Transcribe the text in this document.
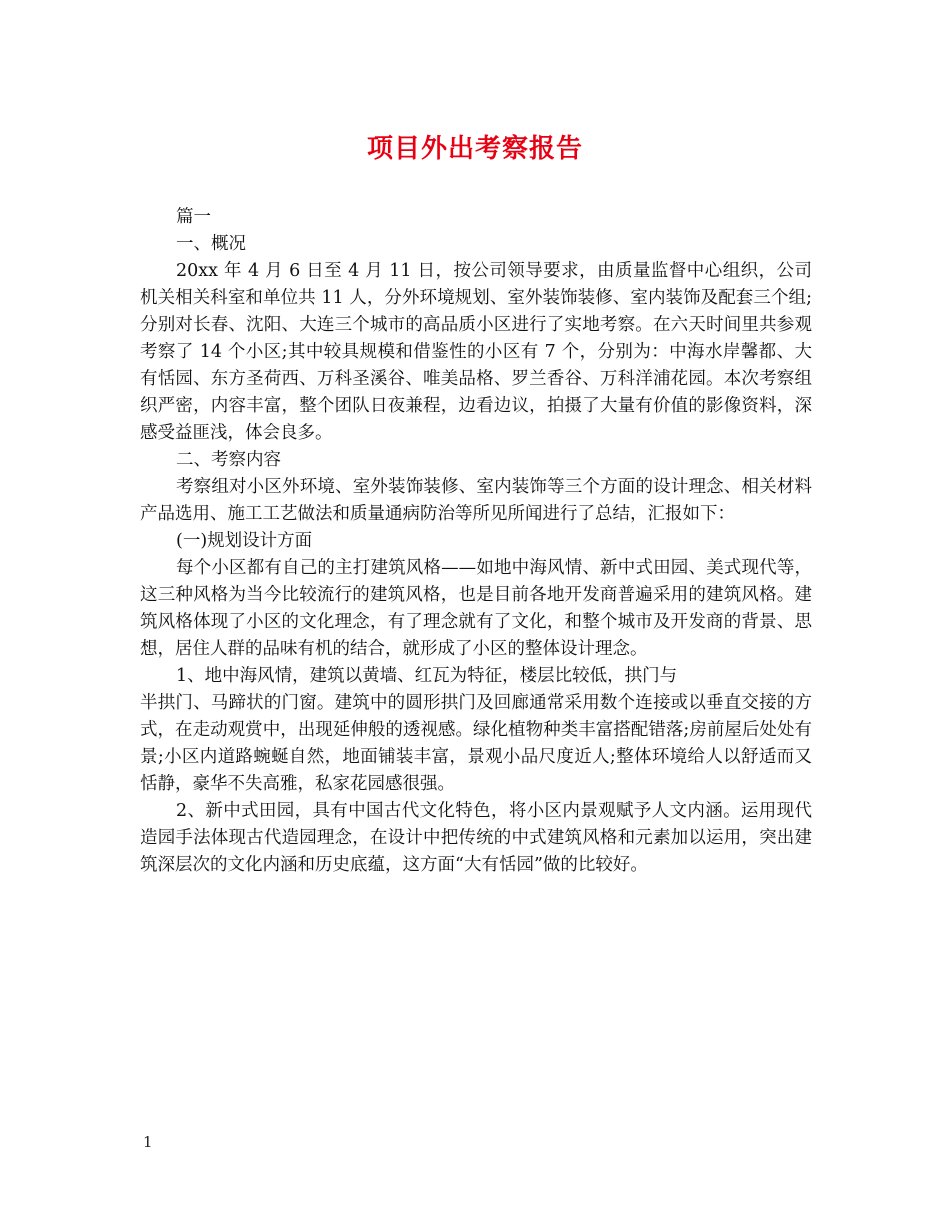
项目外出考察报告

篇一

一、概况

20xx 年 4 月 6 日至 4 月 11 日，按公司领导要求，由质量监督中心组织，公司机关相关科室和单位共 11 人，分外环境规划、室外装饰装修、室内装饰及配套三个组;分别对长春、沈阳、大连三个城市的高品质小区进行了实地考察。在六天时间里共参观考察了 14 个小区;其中较具规模和借鉴性的小区有 7 个，分别为：中海水岸馨都、大有恬园、东方圣荷西、万科圣溪谷、唯美品格、罗兰香谷、万科洋浦花园。本次考察组织严密，内容丰富，整个团队日夜兼程，边看边议，拍摄了大量有价值的影像资料，深感受益匪浅，体会良多。

二、考察内容

考察组对小区外环境、室外装饰装修、室内装饰等三个方面的设计理念、相关材料产品选用、施工工艺做法和质量通病防治等所见所闻进行了总结，汇报如下：

(一)规划设计方面

每个小区都有自己的主打建筑风格——如地中海风情、新中式田园、美式现代等，这三种风格为当今比较流行的建筑风格，也是目前各地开发商普遍采用的建筑风格。建筑风格体现了小区的文化理念，有了理念就有了文化，和整个城市及开发商的背景、思想，居住人群的品味有机的结合，就形成了小区的整体设计理念。

1、地中海风情，建筑以黄墙、红瓦为特征，楼层比较低，拱门与

半拱门、马蹄状的门窗。建筑中的圆形拱门及回廊通常采用数个连接或以垂直交接的方式，在走动观赏中，出现延伸般的透视感。绿化植物种类丰富搭配错落;房前屋后处处有景;小区内道路蜿蜒自然，地面铺装丰富，景观小品尺度近人;整体环境给人以舒适而又恬静，豪华不失高雅，私家花园感很强。

2、新中式田园，具有中国古代文化特色，将小区内景观赋予人文内涵。运用现代造园手法体现古代造园理念，在设计中把传统的中式建筑风格和元素加以运用，突出建筑深层次的文化内涵和历史底蕴，这方面“大有恬园”做的比较好。

1
